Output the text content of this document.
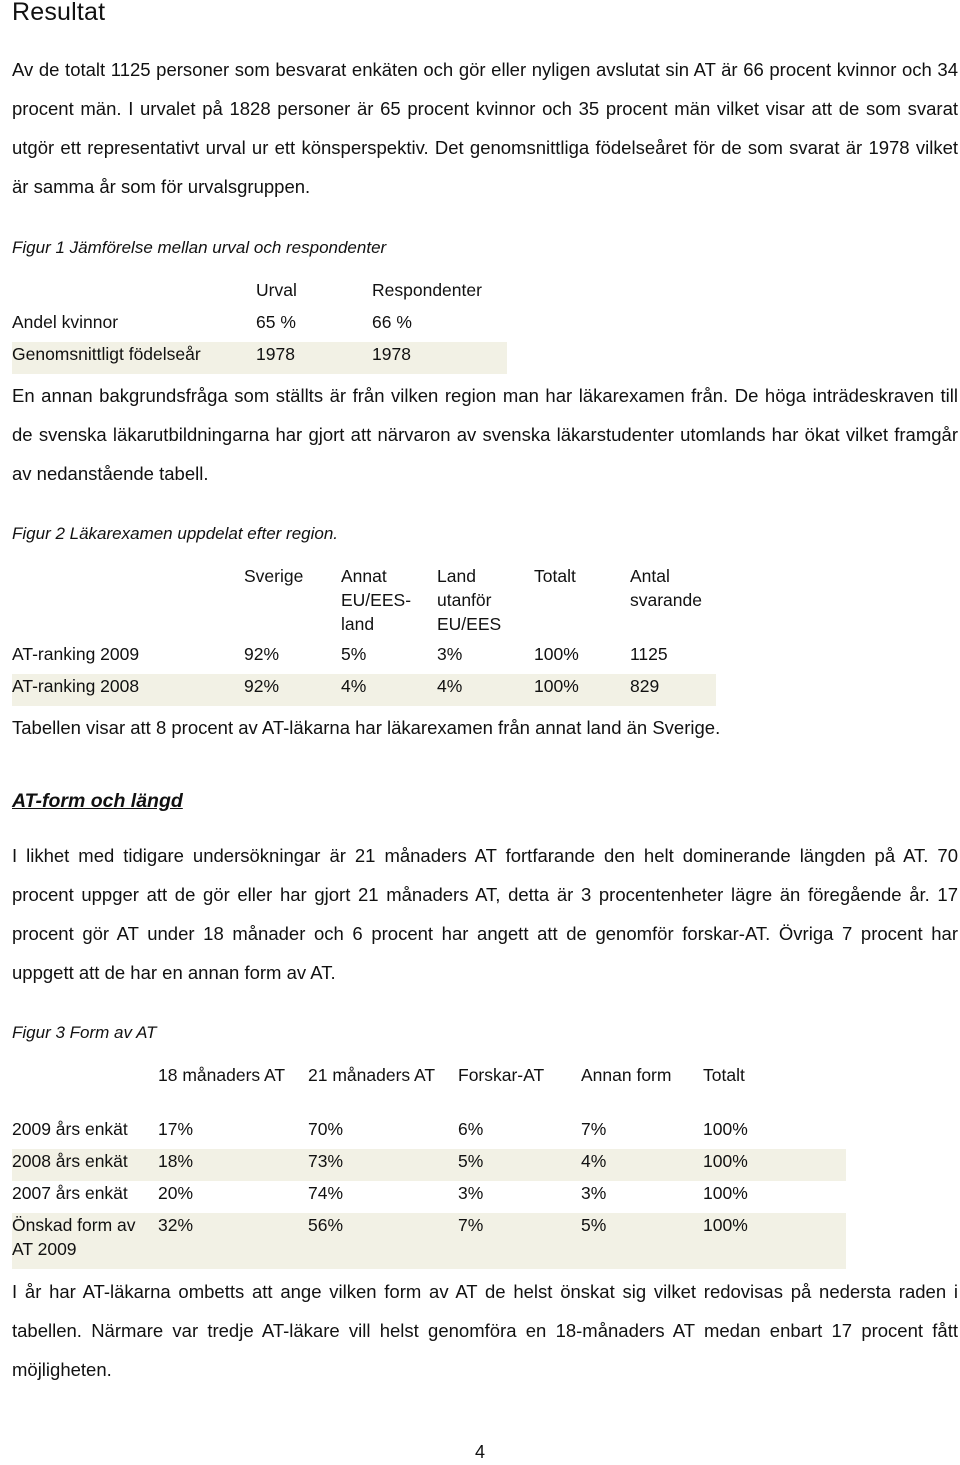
Resultat

Av de totalt 1125 personer som besvarat enkäten och gör eller nyligen avslutat sin AT är 66 procent kvinnor och 34 procent män. I urvalet på 1828 personer är 65 procent kvinnor och 35 procent män vilket visar att de som svarat utgör ett representativt urval ur ett könsperspektiv. Det genomsnittliga födelseåret för de som svarat är 1978 vilket är samma år som för urvalsgruppen.

Figur 1 Jämförelse mellan urval och respondenter

	Urval	Respondenter
Andel kvinnor	65 %	66 %
Genomsnittligt födelseår	1978	1978

En annan bakgrundsfråga som ställts är från vilken region man har läkarexamen från. De höga inträdeskraven till de svenska läkarutbildningarna har gjort att närvaron av svenska läkarstudenter utomlands har ökat vilket framgår av nedanstående tabell.

Figur 2 Läkarexamen uppdelat efter region.

	Sverige	Annat EU/EES-land	Land utanför EU/EES	Totalt	Antal svarande
AT-ranking 2009	92%	5%	3%	100%	1125
AT-ranking 2008	92%	4%	4%	100%	829

Tabellen visar att 8 procent av AT-läkarna har läkarexamen från annat land än Sverige.

AT-form och längd

I likhet med tidigare undersökningar är 21 månaders AT fortfarande den helt dominerande längden på AT. 70 procent uppger att de gör eller har gjort 21 månaders AT, detta är 3 procentenheter lägre än föregående år. 17 procent gör AT under 18 månader och 6 procent har angett att de genomför forskar-AT. Övriga 7 procent har uppgett att de har en annan form av AT.

Figur 3 Form av AT

	18 månaders AT	21 månaders AT	Forskar-AT	Annan form	Totalt
2009 års enkät	17%	70%	6%	7%	100%
2008 års enkät	18%	73%	5%	4%	100%
2007 års enkät	20%	74%	3%	3%	100%
Önskad form av AT 2009	32%	56%	7%	5%	100%

I år har AT-läkarna ombetts att ange vilken form av AT de helst önskat sig vilket redovisas på nedersta raden i tabellen. Närmare var tredje AT-läkare vill helst genomföra en 18-månaders AT medan enbart 17 procent fått möjligheten.

4
